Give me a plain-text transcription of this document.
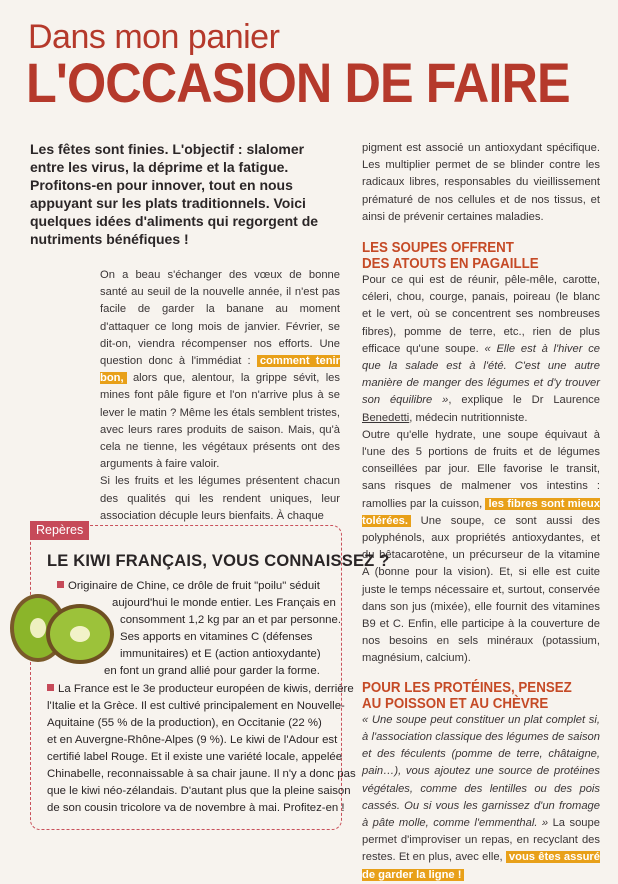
Dans mon panier
L'OCCASION DE FAIRE
Les fêtes sont finies. L'objectif : slalomer entre les virus, la déprime et la fatigue. Profitons-en pour innover, tout en nous appuyant sur les plats traditionnels. Voici quelques idées d'aliments qui regorgent de nutriments bénéfiques !

On a beau s'échanger des vœux de bonne santé au seuil de la nouvelle année, il n'est pas facile de garder la banane au moment d'attaquer ce long mois de janvier. Février, se dit-on, viendra récompenser nos efforts. Une question donc à l'immédiat : comment tenir bon, alors que, alentour, la grippe sévit, les mines font pâle figure et l'on n'arrive plus à se lever le matin ? Même les étals semblent tristes, avec leurs rares produits de saison. Mais, qu'à cela ne tienne, les végétaux présents ont des arguments à faire valoir.

Si les fruits et les légumes présentent chacun des qualités qui les rendent uniques, leur association décuple leurs bienfaits. À chaque

pigment est associé un antioxydant spécifique. Les multiplier permet de se blinder contre les radicaux libres, responsables du vieillissement prématuré de nos cellules et de nos tissus, et ainsi de prévenir certaines maladies.

LES SOUPES OFFRENT
DES ATOUTS EN PAGAILLE

Pour ce qui est de réunir, pêle-mêle, carotte, céleri, chou, courge, panais, poireau (le blanc et le vert, où se concentrent ses nombreuses fibres), pomme de terre, etc., rien de plus efficace qu'une soupe. « Elle est à l'hiver ce que la salade est à l'été. C'est une autre manière de manger des légumes et d'y trouver son équilibre », explique le Dr Laurence Benedetti, médecin nutritionniste.

Outre qu'elle hydrate, une soupe équivaut à l'une des 5 portions de fruits et de légumes conseillées par jour. Elle favorise le transit, sans risques de malmener vos intestins : ramollies par la cuisson, les fibres sont mieux tolérées. Une soupe, ce sont aussi des polyphénols, aux propriétés antioxydantes, et du bêtacarotène, un précurseur de la vitamine A (bonne pour la vision). Et, si elle est cuite juste le temps nécessaire et, surtout, conservée dans son jus (mixée), elle fournit des vitamines B9 et C. Enfin, elle participe à la couverture de nos besoins en sels minéraux (potassium, magnésium, calcium).

POUR LES PROTÉINES, PENSEZ
AU POISSON ET AU CHÈVRE

« Une soupe peut constituer un plat complet si, à l'association classique des légumes de saison et des féculents (pomme de terre, châtaigne, pain…), vous ajoutez une source de protéines végétales, comme des lentilles ou des pois cassés. Ou si vous les garnissez d'un fromage à pâte molle, comme l'emmenthal. » La soupe permet d'improviser un repas, en recyclant des restes. Et en plus, avec elle, vous êtes assuré de garder la ligne !

Repères
LE KIWI FRANÇAIS, VOUS CONNAISSEZ ?
Originaire de Chine, ce drôle de fruit "poilu" séduit
aujourd'hui le monde entier. Les Français en
consomment 1,2 kg par an et par personne.
Ses apports en vitamines C (défenses
immunitaires) et E (action antioxydante)
en font un grand allié pour garder la forme.
La France est le 3e producteur européen de kiwis, derrière
l'Italie et la Grèce. Il est cultivé principalement en Nouvelle-
Aquitaine (55 % de la production), en Occitanie (22 %)
et en Auvergne-Rhône-Alpes (9 %). Le kiwi de l'Adour est
certifié label Rouge. Et il existe une variété locale, appelée
Chinabelle, reconnaissable à sa chair jaune. Il n'y a donc pas
que le kiwi néo-zélandais. D'autant plus que la pleine saison
de son cousin tricolore va de novembre à mai. Profitez-en !
